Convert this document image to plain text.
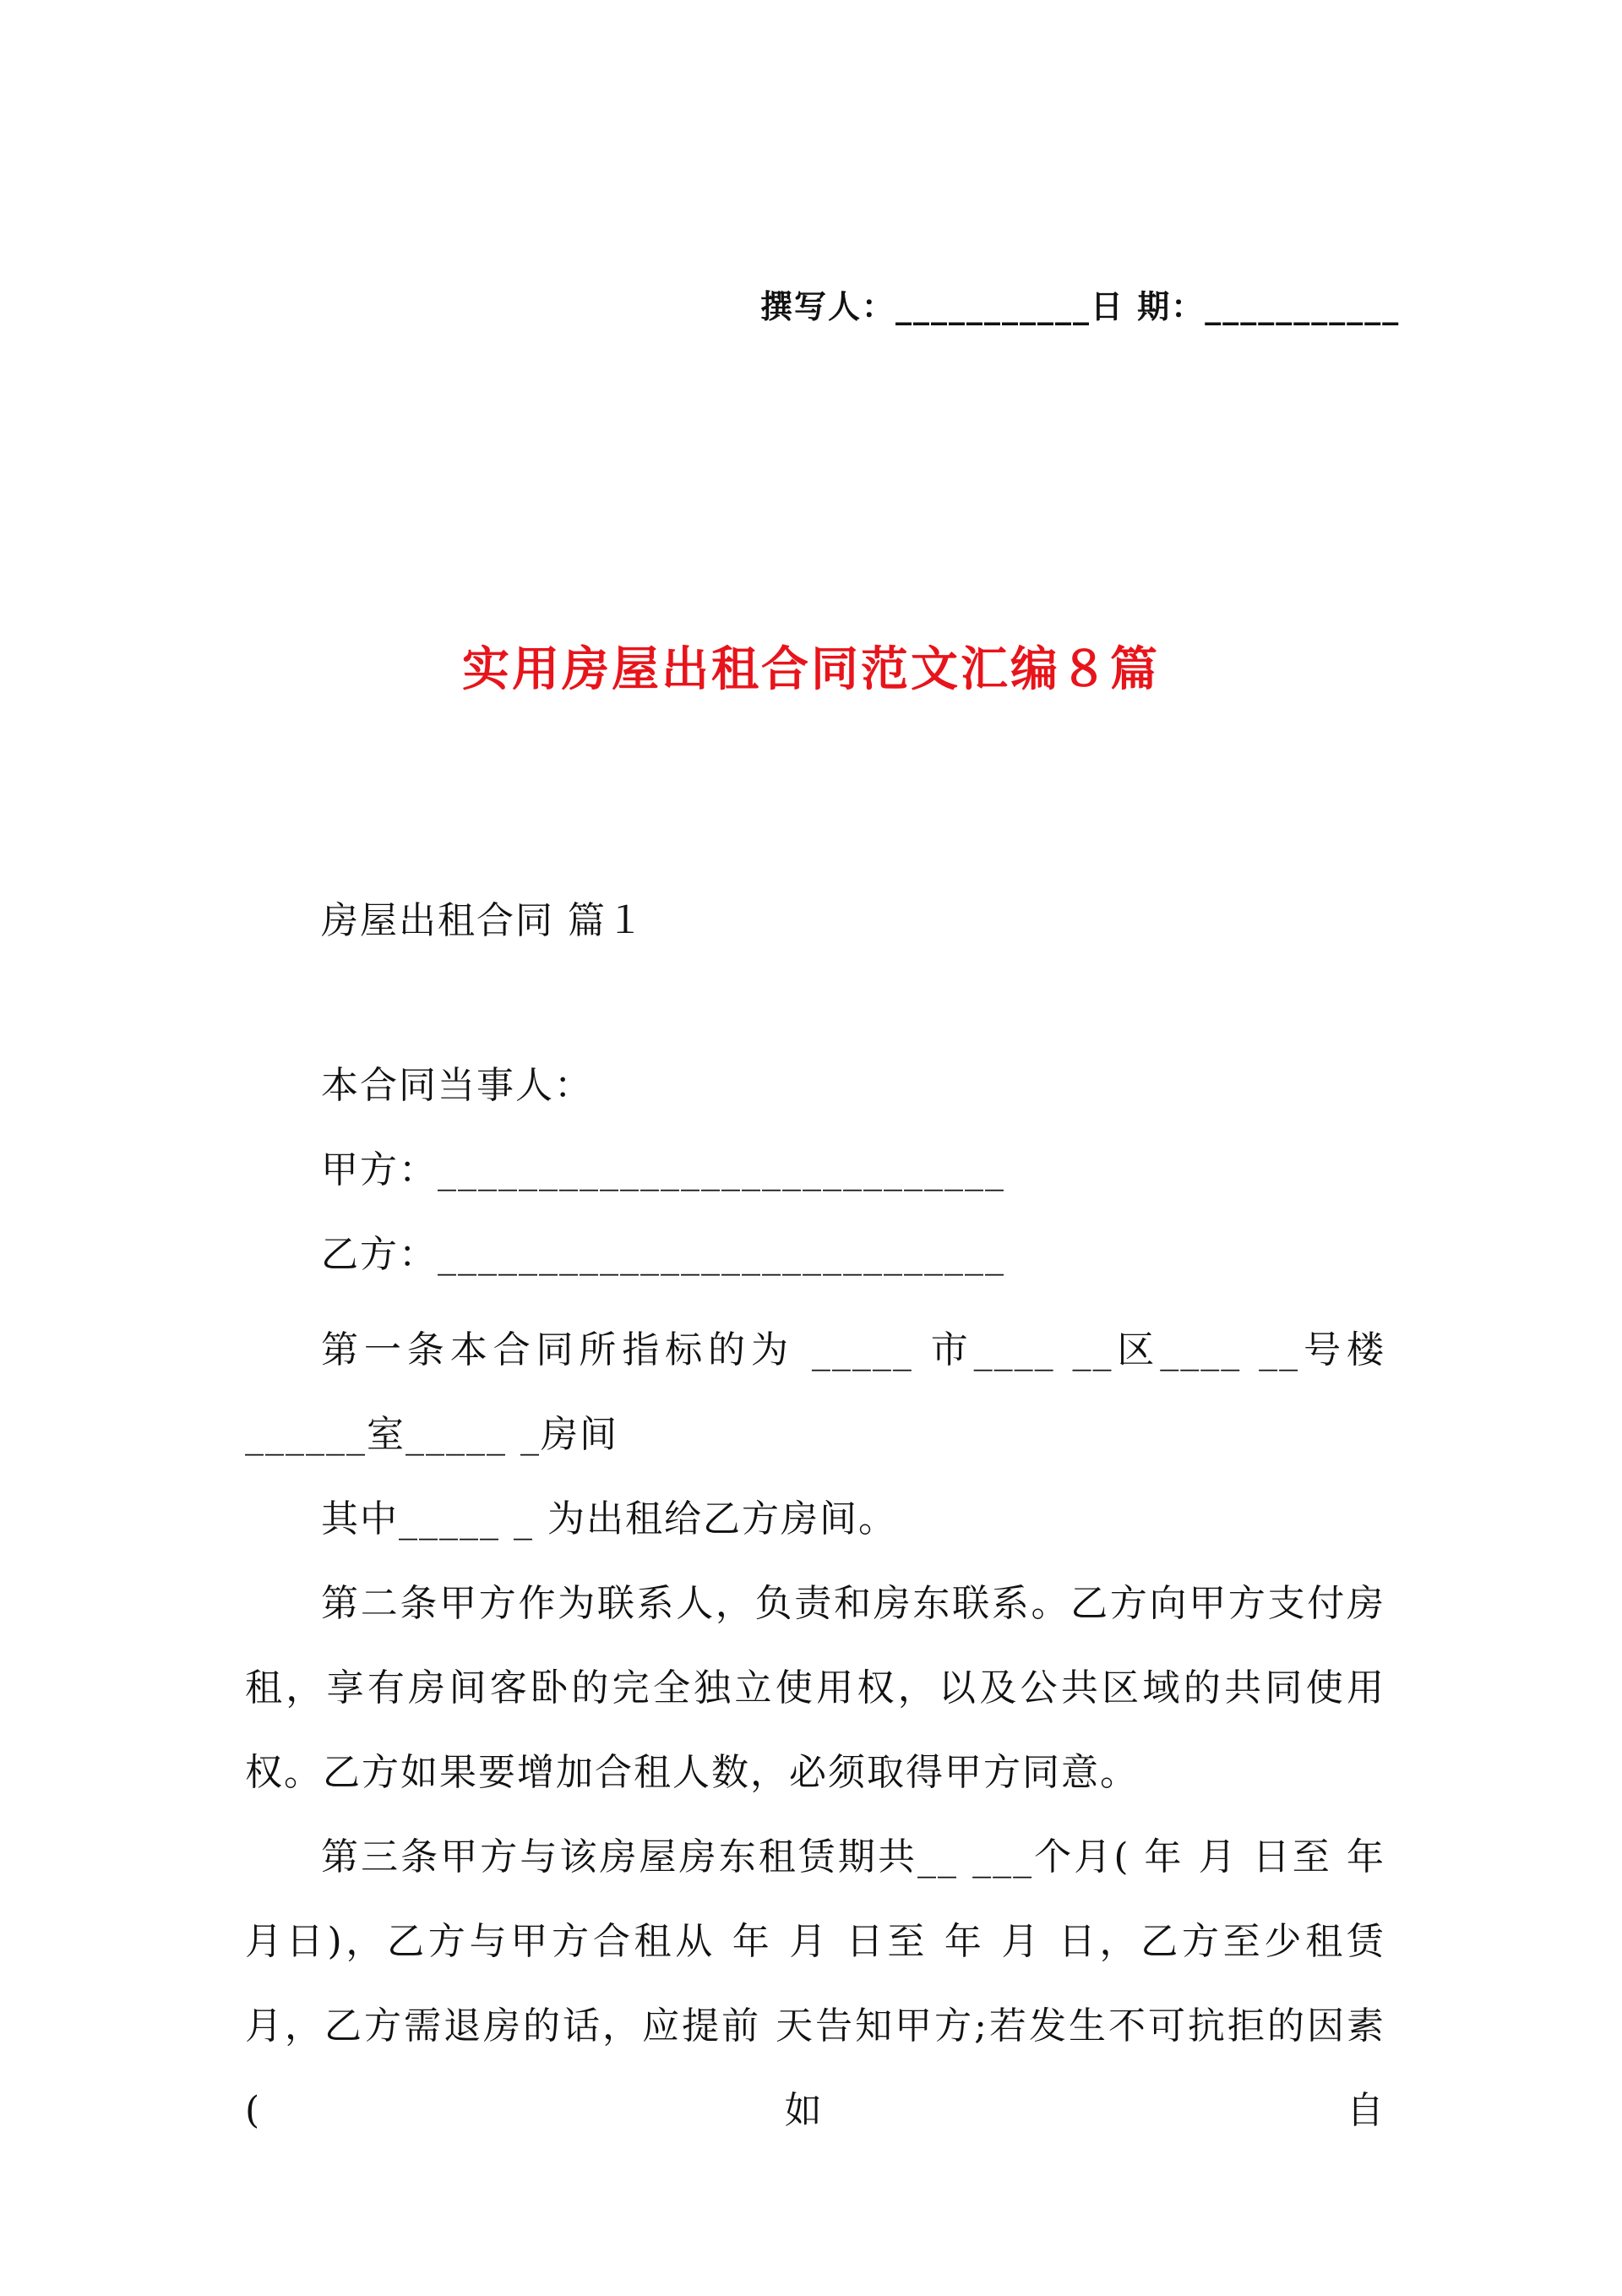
撰写人：___________日 期：___________
实用房屋出租合同范文汇编８篇
房屋出租合同 篇１
本合同当事人：
甲方：____________________________
乙方：____________________________

第一条本合同所指标的为 _____ 市____ __区____ __号楼______室_____ _房间

其中_____ _ 为出租给乙方房间。

第二条甲方作为联系人，负责和房东联系。乙方向甲方支付房租，享有房间客卧的完全独立使用权，以及公共区域的共同使用权。乙方如果要增加合租人数，必须取得甲方同意。

第三条甲方与该房屋房东租赁期共__ ___个月( 年 月 日至 年 月日)，乙方与甲方合租从 年 月 日至 年 月 日，乙方至少租赁 月，乙方需退房的话，应提前 天告知甲方;若发生不可抗拒的因素(如自
